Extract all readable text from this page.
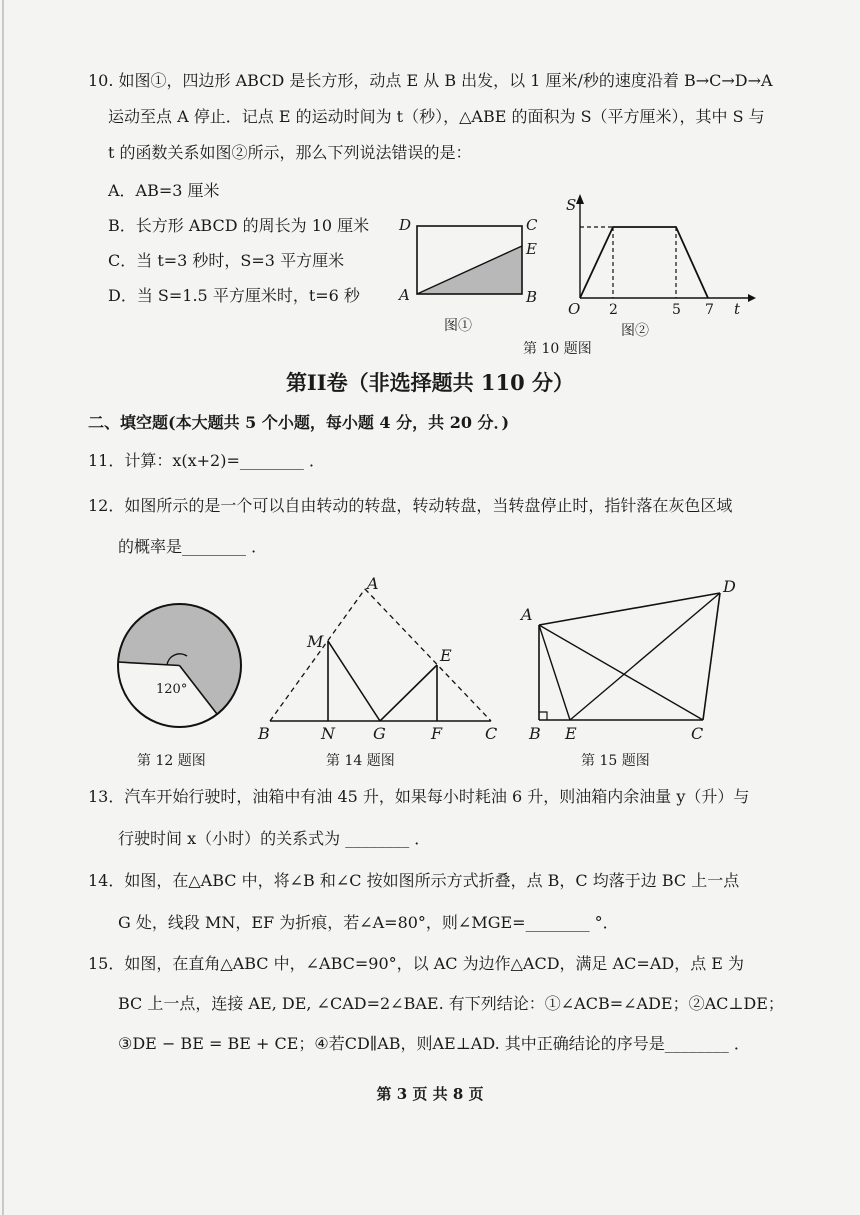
10. 如图①，四边形 ABCD 是长方形，动点 E 从 B 出发，以 1 厘米/秒的速度沿着 B→C→D→A
运动至点 A 停止．记点 E 的运动时间为 t（秒），△ABE 的面积为 S（平方厘米），其中 S 与
t 的函数关系如图②所示，那么下列说法错误的是：
A．AB=3 厘米
B．长方形 ABCD 的周长为 10 厘米
C．当 t=3 秒时，S=3 平方厘米
D．当 S=1.5 平方厘米时，t=6 秒
D	C
E
A	B
图①
S
O 2	5 7 t
图②
第 10 题图
第II卷（非选择题共 110 分）
二、填空题(本大题共 5 个小题，每小题 4 分，共 20 分．)
11．计算：x(x+2)=________ ．
12．如图所示的是一个可以自由转动的转盘，转动转盘，当转盘停止时，指针落在灰色区域
的概率是________ ．
120°
第 12 题图
A
M
E
B	N G	F	C
第 14 题图
A
D
B E	C
第 15 题图
13．汽车开始行驶时，油箱中有油 45 升，如果每小时耗油 6 升，则油箱内余油量 y（升）与
行驶时间 x（小时）的关系式为 ________ ．
14．如图，在△ABC 中，将∠B 和∠C 按如图所示方式折叠，点 B，C 均落于边 BC 上一点
G 处，线段 MN，EF 为折痕，若∠A=80°，则∠MGE=________ °．
15．如图，在直角△ABC 中，∠ABC=90°，以 AC 为边作△ACD，满足 AC=AD，点 E 为
BC 上一点，连接 AE, DE, ∠CAD=2∠BAE. 有下列结论：①∠ACB=∠ADE；②AC⊥DE；
③DE − BE = BE + CE；④若CD∥AB，则AE⊥AD. 其中正确结论的序号是________ ．
第 3 页 共 8 页
